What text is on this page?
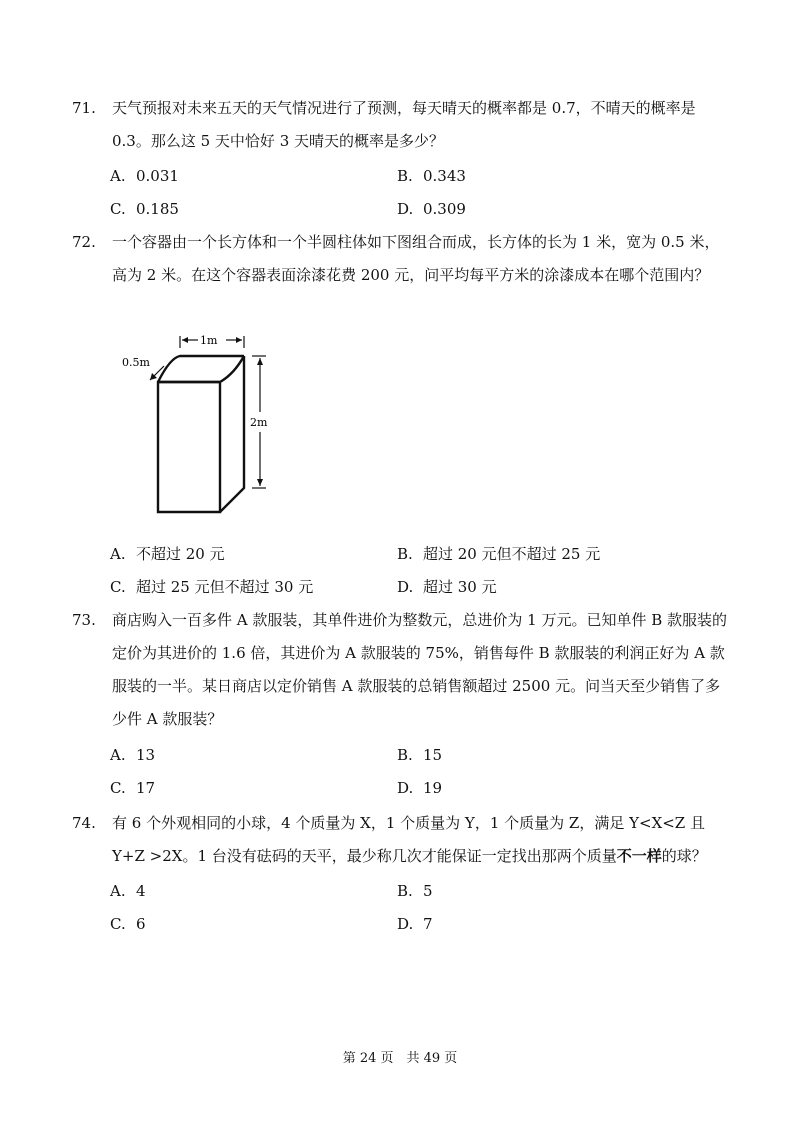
71. 天气预报对未来五天的天气情况进行了预测，每天晴天的概率都是 0.7，不晴天的概率是 0.3。那么这 5 天中恰好 3 天晴天的概率是多少？
A. 0.031	B. 0.343
C. 0.185	D. 0.309
72. 一个容器由一个长方体和一个半圆柱体如下图组合而成，长方体的长为 1 米，宽为 0.5 米，高为 2 米。在这个容器表面涂漆花费 200 元，问平均每平方米的涂漆成本在哪个范围内？
1m
0.5m
2m
A. 不超过 20 元	B. 超过 20 元但不超过 25 元
C. 超过 25 元但不超过 30 元	D. 超过 30 元
73. 商店购入一百多件 A 款服装，其单件进价为整数元，总进价为 1 万元。已知单件 B 款服装的定价为其进价的 1.6 倍，其进价为 A 款服装的 75%，销售每件 B 款服装的利润正好为 A 款服装的一半。某日商店以定价销售 A 款服装的总销售额超过 2500 元。问当天至少销售了多少件 A 款服装？
A. 13	B. 15
C. 17	D. 19
74. 有 6 个外观相同的小球，4 个质量为 X，1 个质量为 Y，1 个质量为 Z，满足 Y<X<Z 且 Y+Z >2X。1 台没有砝码的天平，最少称几次才能保证一定找出那两个质量不一样的球？
A. 4	B. 5
C. 6	D. 7
第 24 页　共 49 页
